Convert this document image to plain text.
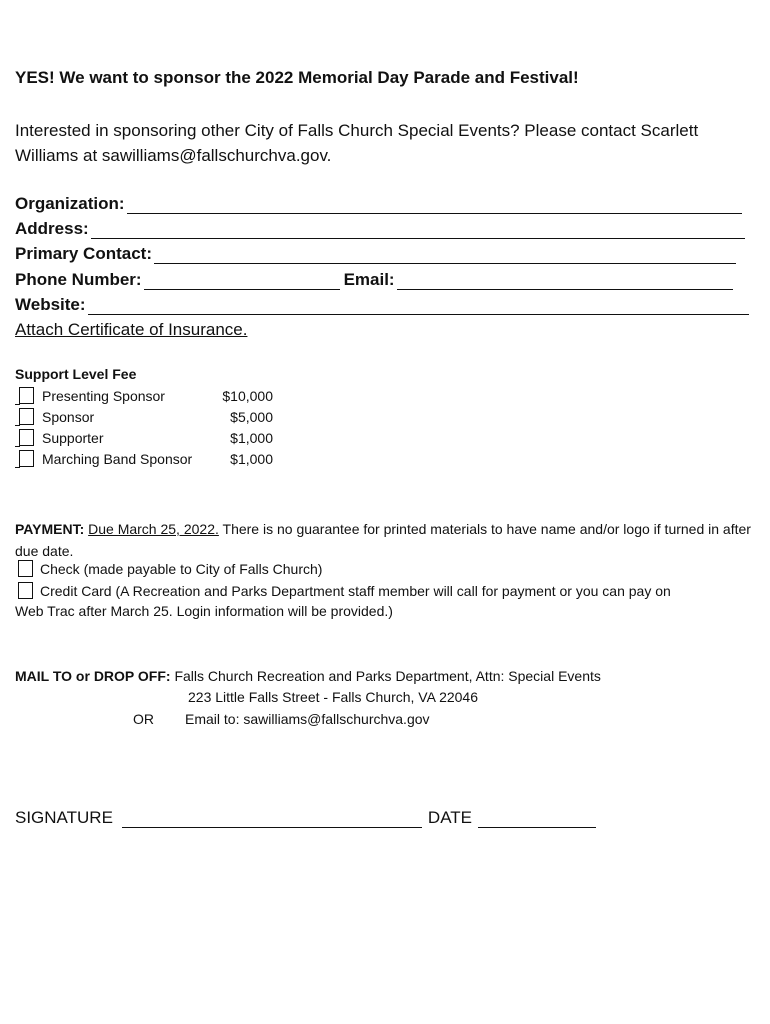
YES! We want to sponsor the 2022 Memorial Day Parade and Festival!
Interested in sponsoring other City of Falls Church Special Events? Please contact Scarlett Williams at sawilliams@fallschurchva.gov.
Organization:
Address:
Primary Contact:
Phone Number:	Email:
Website:
Attach Certificate of Insurance.
Support Level Fee
Presenting Sponsor	$10,000
Sponsor	$5,000
Supporter	$1,000
Marching Band Sponsor	$1,000
PAYMENT: Due March 25, 2022. There is no guarantee for printed materials to have name and/or logo if turned in after due date.
Check (made payable to City of Falls Church)
Credit Card (A Recreation and Parks Department staff member will call for payment or you can pay on
Web Trac after March 25. Login information will be provided.)
MAIL TO or DROP OFF: Falls Church Recreation and Parks Department, Attn: Special Events
223 Little Falls Street - Falls Church, VA 22046
OR Email to: sawilliams@fallschurchva.gov
SIGNATURE	DATE
